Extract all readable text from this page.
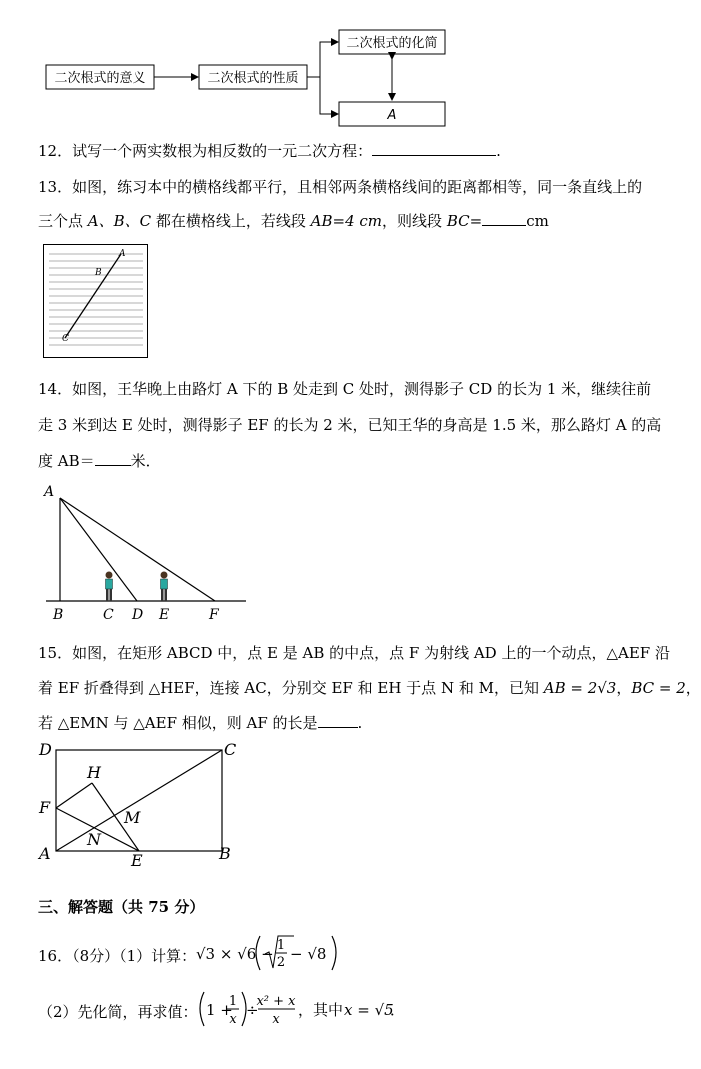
二次根式的意义	二次根式的性质
二次根式的化简
A
12．试写一个两实数根为相反数的一元二次方程：	.
13．如图，练习本中的横格线都平行，且相邻两条横格线间的距离都相等，同一条直线上的
三个点 A、B、C 都在横格线上，若线段 AB=4 cm，则线段 BC=	cm
A
B
C
14．如图，王华晚上由路灯 A 下的 B 处走到 C 处时，测得影子 CD 的长为 1 米，继续往前
走 3 米到达 E 处时，测得影子 EF 的长为 2 米，已知王华的身高是 1.5 米，那么路灯 A 的高
度 AB＝ 米．
A
B	C D E	F
15．如图，在矩形 ABCD 中，点 E 是 AB 的中点，点 F 为射线 AD 上的一个动点，△AEF 沿
着 EF 折叠得到 △HEF，连接 AC，分别交 EF 和 EH 于点 N 和 M，已知 AB = 2√3，BC = 2，
若 △EMN 与 △AEF 相似，则 AF 的长是	.
D	C
F
H
M
N
A	E	B
三、解答题（共 75 分）
16．（8分）（1）计算： √3 × √6 − 1
2 − √8
（2）先化简，再求值： 1 +
1
x
÷
x² + x
x
，其中 x = √5
．
